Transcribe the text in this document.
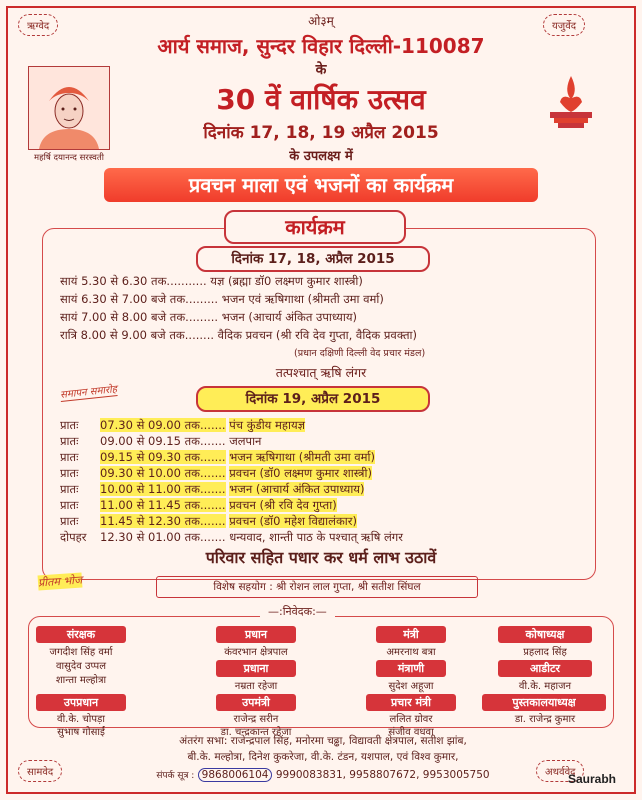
ऋग्वेद	यजुर्वेद
सामवेद	अथर्ववेद
ओ३म्
आर्य समाज, सुन्दर विहार दिल्ली-110087
के
महर्षि दयानन्द सरस्वती
30 वें वार्षिक उत्सव
दिनांक 17, 18, 19 अप्रैल 2015
के उपलक्ष्य में
प्रवचन माला एवं भजनों का कार्यक्रम
कार्यक्रम
दिनांक 17, 18, अप्रैल 2015
सायं 5.30 से 6.30 तक........... यज्ञ (ब्रह्मा डॉ0 लक्ष्मण कुमार शास्त्री)
सायं 6.30 से 7.00 बजे तक......... भजन एवं ऋषिगाथा (श्रीमती उमा वर्मा)
सायं 7.00 से 8.00 बजे तक......... भजन (आचार्य अंकित उपाध्याय)
रात्रि 8.00 से 9.00 बजे तक........ वैदिक प्रवचन (श्री रवि देव गुप्ता, वैदिक प्रवक्ता)
(प्रधान दक्षिणी दिल्ली वेद प्रचार मंडल)
तत्पश्चात् ऋषि लंगर
समापन समारोह	दिनांक 19, अप्रैल 2015
प्रातः 07.30 से 09.00 तक....... पंच कुंडीय महायज्ञ
प्रातः 09.00 से 09.15 तक....... जलपान
प्रातः 09.15 से 09.30 तक....... भजन ऋषिगाथा (श्रीमती उमा वर्मा)
प्रातः 09.30 से 10.00 तक....... प्रवचन (डॉ0 लक्ष्मण कुमार शास्त्री)
प्रातः 10.00 से 11.00 तक....... भजन (आचार्य अंकित उपाध्याय)
प्रातः 11.00 से 11.45 तक....... प्रवचन (श्री रवि देव गुप्ता)
प्रातः 11.45 से 12.30 तक....... प्रवचन (डॉ0 महेश विद्यालंकार)
दोपहर 12.30 से 01.00 तक....... धन्यवाद, शान्ती पाठ के पश्चात् ऋषि लंगर
परिवार सहित पधार कर धर्म लाभ उठावें
प्रीतम भोज	विशेष सहयोग : श्री रोशन लाल गुप्ता, श्री सतीश सिंघल
—:निवेदक:—
संरक्षक
जगदीश सिंह वर्मा
वासुदेव उप्पल
शान्ता मल्होत्रा
उपप्रधान
वी.के. चोपड़ा
सुभाष गोसाईं
प्रधान
कंवरभान क्षेत्रपाल
प्रधाना
नम्रता रहेजा
उपमंत्री
राजेन्द्र सरीन
डा. चन्द्रकान्त रहेजा
मंत्री
अमरनाथ बत्रा
मंत्राणी
सुदेश अहूजा
प्रचार मंत्री
ललित ग्रोवर
संजीव वधवा
कोषाध्यक्ष
प्रहलाद सिंह
आडीटर
वी.के. महाजन
पुस्तकालयाध्यक्ष
डा. राजेन्द्र कुमार
अंतरंग सभा: राजेन्द्रपाल सिंह, मनोरमा चढ्ढा, विद्यावती क्षेत्रपाल, सतीश झांब,
बी.के. मल्होत्रा, दिनेश कुकरेजा, वी.के. टंडन, यशपाल, एवं विश्व कुमार,
संपर्क सूत्र : 9868006104 9990083831, 9958807672, 9953005750	Saurabh
